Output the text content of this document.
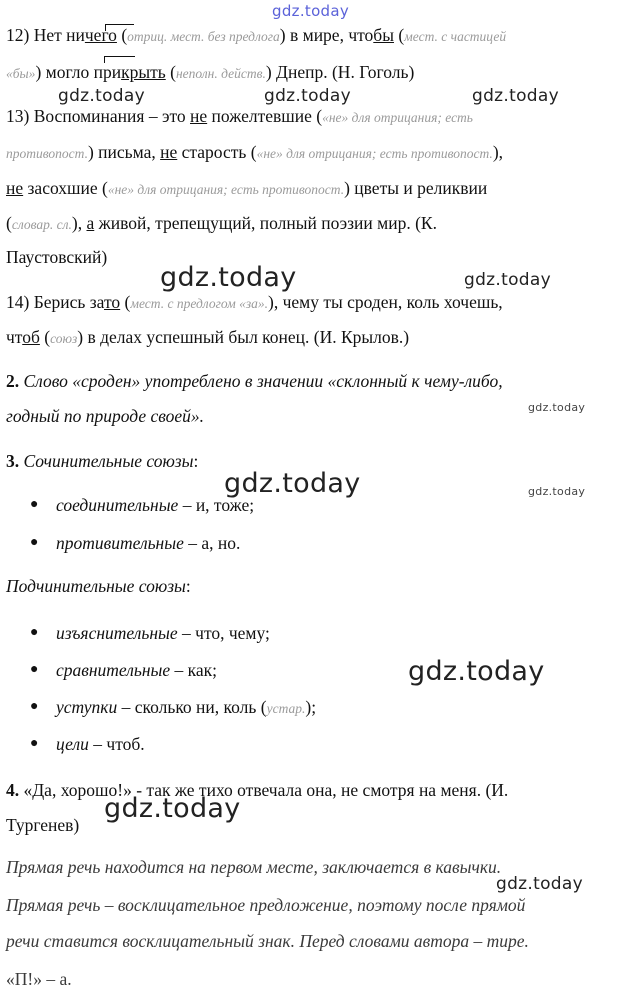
gdz.today
12) Нет ничего (отриц. мест. без предлога) в мире, чтобы (мест. с частицей
«бы») могло прикрыть (неполн. действ.) Днепр. (Н. Гоголь)
gdz.today	gdz.today	gdz.today
13) Воспоминания – это не пожелтевшие («не» для отрицания; есть
противопост.) письма, не старость («не» для отрицания; есть противопост.),
не засохшие («не» для отрицания; есть противопост.) цветы и реликвии
(словар. сл.), а живой, трепещущий, полный поэзии мир. (К.
Паустовский)
gdz.today	gdz.today
14) Берись зато (мест. с предлогом «за».), чему ты сроден, коль хочешь,
чтоб (союз) в делах успешный был конец. (И. Крылов.)
2. Слово «сроден» употреблено в значении «склонный к чему-либо,
годный по природе своей».	gdz.today
3. Сочинительные союзы:
gdz.today	gdz.today
● соединительные – и, тоже;
● противительные – а, но.
Подчинительные союзы:
● изъяснительные – что, чему;
● сравнительные – как;	gdz.today
● уступки – сколько ни, коль (устар.);
● цели – чтоб.
4. «Да, хорошо!» - так же тихо отвечала она, не смотря на меня. (И.
Тургенев)
gdz.today
Прямая речь находится на первом месте, заключается в кавычки.
gdz.today
Прямая речь – восклицательное предложение, поэтому после прямой
речи ставится восклицательный знак. Перед словами автора – тире.
«П!» – а.
